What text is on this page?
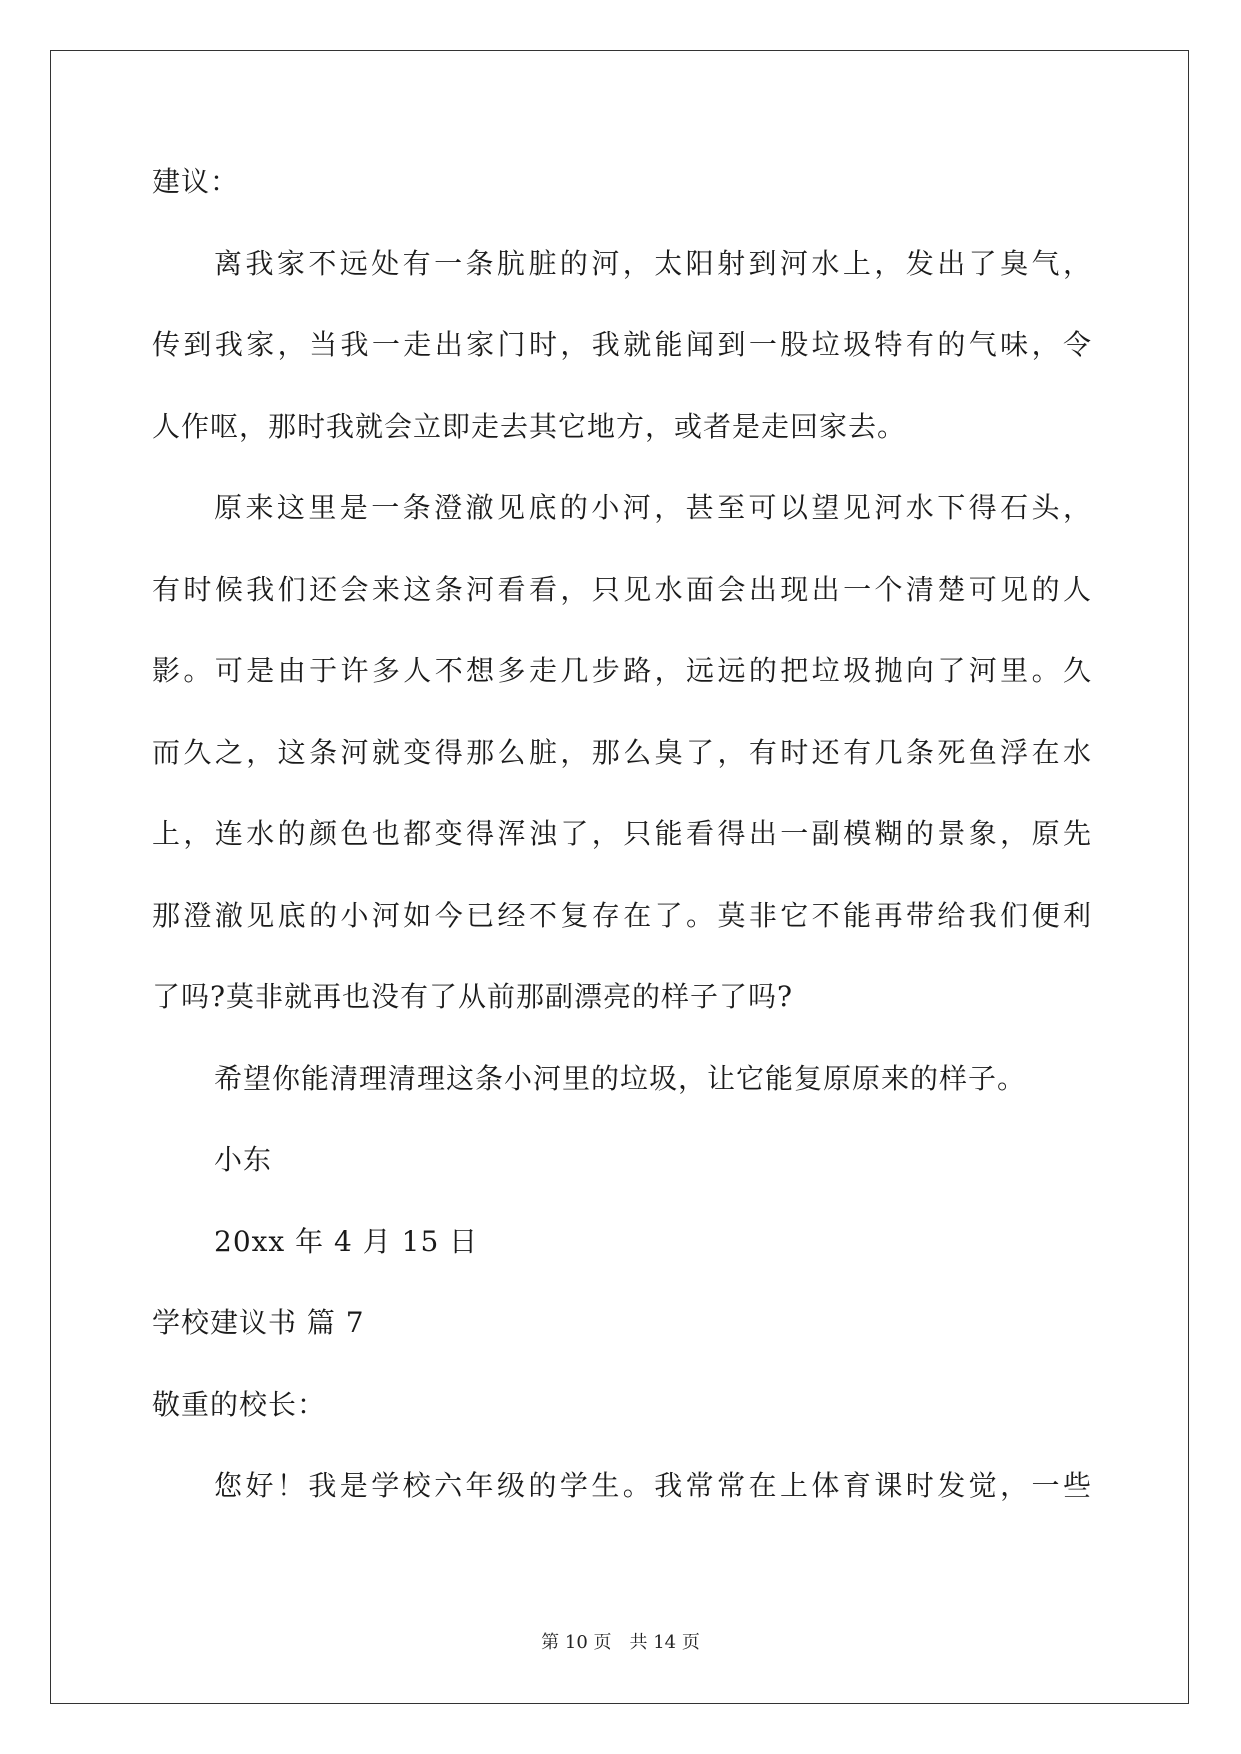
建议：
离我家不远处有一条肮脏的河，太阳射到河水上，发出了臭气，
传到我家，当我一走出家门时，我就能闻到一股垃圾特有的气味，令
人作呕，那时我就会立即走去其它地方，或者是走回家去。
原来这里是一条澄澈见底的小河，甚至可以望见河水下得石头，
有时候我们还会来这条河看看，只见水面会出现出一个清楚可见的人
影。可是由于许多人不想多走几步路，远远的把垃圾抛向了河里。久
而久之，这条河就变得那么脏，那么臭了，有时还有几条死鱼浮在水
上，连水的颜色也都变得浑浊了，只能看得出一副模糊的景象，原先
那澄澈见底的小河如今已经不复存在了。莫非它不能再带给我们便利
了吗?莫非就再也没有了从前那副漂亮的样子了吗?
希望你能清理清理这条小河里的垃圾，让它能复原原来的样子。
小东
20xx 年 4 月 15 日
学校建议书 篇 7
敬重的校长：
您好！我是学校六年级的学生。我常常在上体育课时发觉，一些
第 10 页　共 14 页
